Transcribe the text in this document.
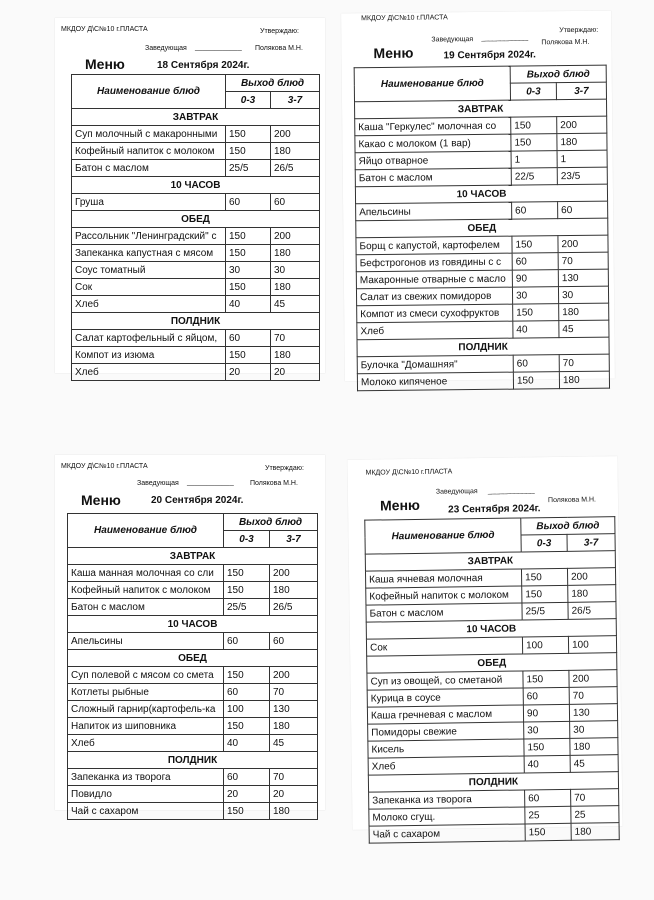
МКДОУ Д\С№10 г.ПЛАСТА	Утверждаю:
Заведующая ____________ Полякова М.Н.
Меню	18 Сентября 2024г.
Наименование блюд	Выход блюд	
	0-3	3-7
ЗАВТРАК		
Суп молочный с макаронными	150	200
Кофейный напиток с молоком	150	180
Батон с маслом	25/5	26/5
10 ЧАСОВ		
Груша	60	60
ОБЕД		
Рассольник "Ленинградский" с	150	200
Запеканка капустная с мясом	150	180
Соус томатный	30	30
Сок	150	180
Хлеб	40	45
ПОЛДНИК		
Салат картофельный с яйцом,	60	70
Компот из изюма	150	180
Хлеб	20	20
МКДОУ Д\С№10 г.ПЛАСТА
Утверждаю:
Заведующая ____________
Полякова М.Н.
Меню	19 Сентября 2024г.
Наименование блюд	Выход блюд	
	0-3	3-7
ЗАВТРАК		
Каша "Геркулес" молочная со	150	200
Какао с молоком (1 вар)	150	180
Яйцо отварное	1	1
Батон с маслом	22/5	23/5
10 ЧАСОВ		
Апельсины	60	60
ОБЕД		
Борщ с капустой, картофелем	150	200
Бефстрогонов из говядины с с	60	70
Макаронные отварные с масло	90	130
Салат из свежих помидоров	30	30
Компот из смеси сухофруктов	150	180
Хлеб	40	45
ПОЛДНИК		
Булочка "Домашняя"	60	70
Молоко кипяченое	150	180
МКДОУ Д\С№10 г.ПЛАСТА	Утверждаю:
Заведующая ____________ Полякова М.Н.
Меню	20 Сентября 2024г.
Наименование блюд	Выход блюд	
	0-3	3-7
ЗАВТРАК		
Каша манная молочная со сли	150	200
Кофейный напиток с молоком	150	180
Батон с маслом	25/5	26/5
10 ЧАСОВ		
Апельсины	60	60
ОБЕД		
Суп полевой с мясом со смета	150	200
Котлеты рыбные	60	70
Сложный гарнир(картофель-ка	100	130
Напиток из шиповника	150	180
Хлеб	40	45
ПОЛДНИК		
Запеканка из творога	60	70
Повидло	20	20
Чай с сахаром	150	180
МКДОУ Д\С№10 г.ПЛАСТА
Заведующая ____________
Полякова М.Н.
Меню	23 Сентября 2024г.
Наименование блюд	Выход блюд	
	0-3	3-7
ЗАВТРАК		
Каша ячневая молочная	150	200
Кофейный напиток с молоком	150	180
Батон с маслом	25/5	26/5
10 ЧАСОВ		
Сок	100	100
ОБЕД		
Суп из овощей, со сметаной	150	200
Курица в соусе	60	70
Каша гречневая с маслом	90	130
Помидоры свежие	30	30
Кисель	150	180
Хлеб	40	45
ПОЛДНИК		
Запеканка из творога	60	70
Молоко сгущ.	25	25
Чай с сахаром	150	180
